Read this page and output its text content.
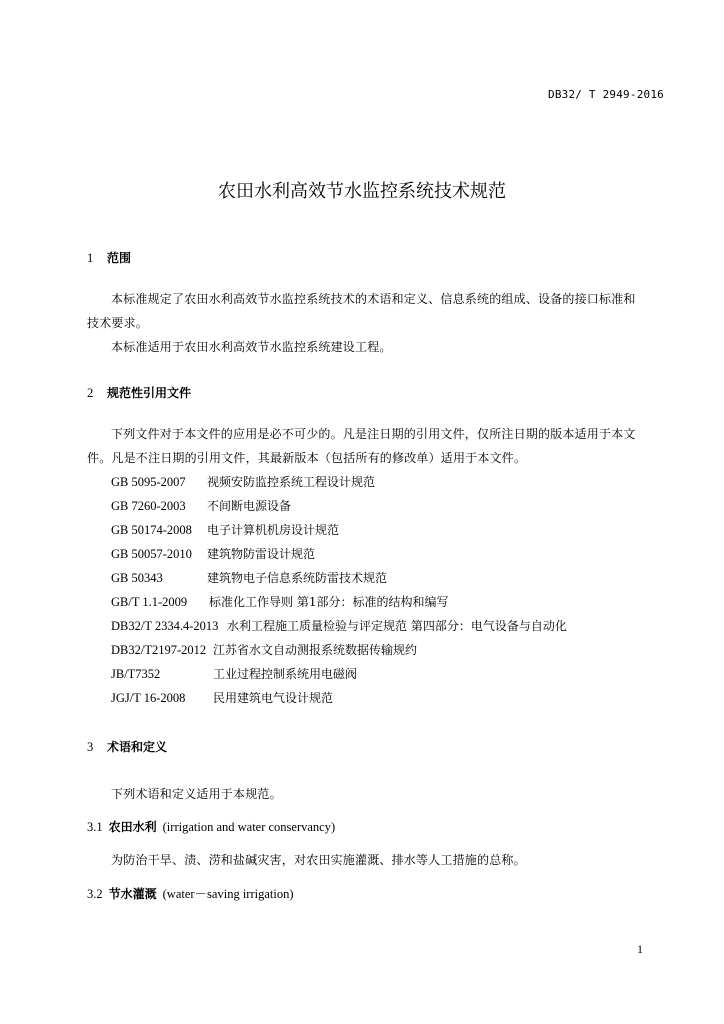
DB32/ T 2949-2016
农田水利高效节水监控系统技术规范
1 范围
本标准规定了农田水利高效节水监控系统技术的术语和定义、信息系统的组成、设备的接口标准和
技术要求。
本标准适用于农田水利高效节水监控系统建设工程。
2 规范性引用文件
下列文件对于本文件的应用是必不可少的。凡是注日期的引用文件，仅所注日期的版本适用于本文
件。凡是不注日期的引用文件，其最新版本（包括所有的修改单）适用于本文件。
GB 5095-2007 视频安防监控系统工程设计规范
GB 7260-2003 不间断电源设备
GB 50174-2008 电子计算机机房设计规范
GB 50057-2010 建筑物防雷设计规范
GB 50343	建筑物电子信息系统防雷技术规范
GB/T 1.1-2009 标准化工作导则 第1部分：标准的结构和编写
DB32/T 2334.4-2013 水利工程施工质量检验与评定规范 第四部分：电气设备与自动化
DB32/T2197-2012 江苏省水文自动测报系统数据传输规约
JB/T7352	工业过程控制系统用电磁阀
JGJ/T 16-2008 民用建筑电气设计规范
3 术语和定义
下列术语和定义适用于本规范。
3.1 农田水利 (irrigation and water conservancy)
为防治干旱、渍、涝和盐碱灾害，对农田实施灌溉、排水等人工措施的总称。
3.2 节水灌溉 (water－saving irrigation)
1
